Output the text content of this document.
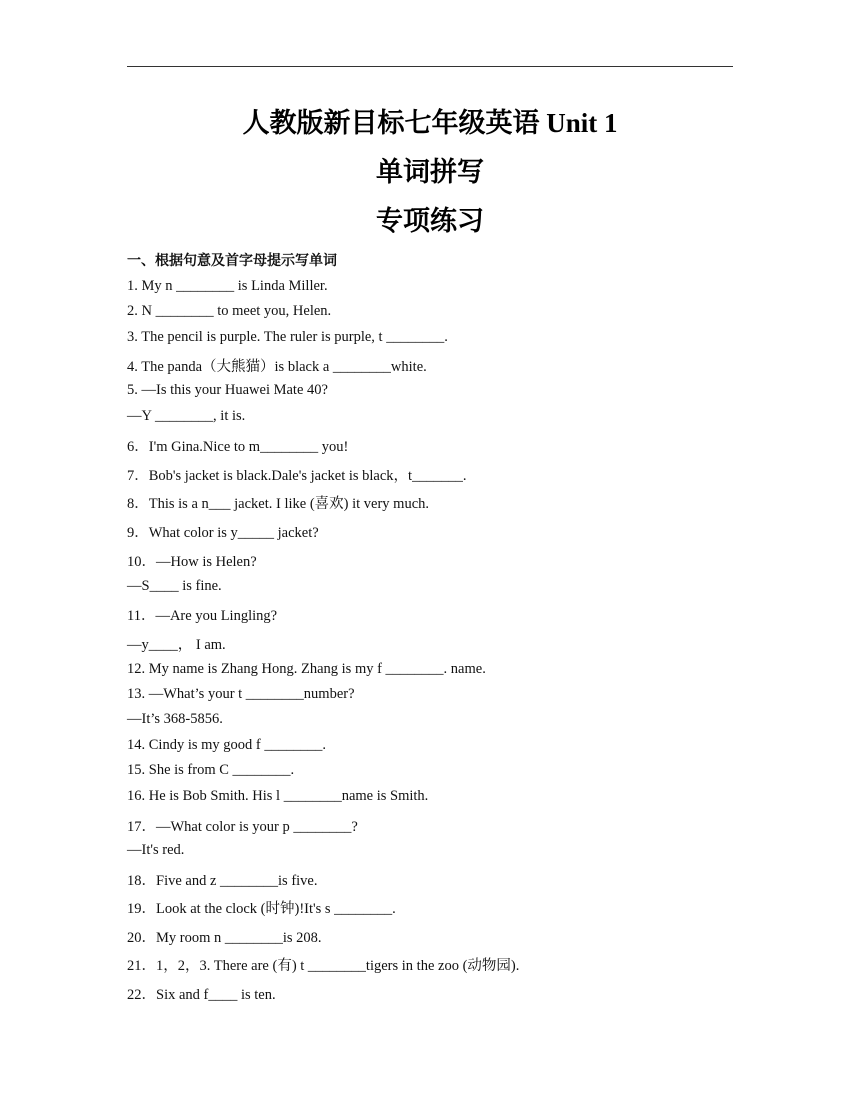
人教版新目标七年级英语 Unit 1
单词拼写
专项练习
一、根据句意及首字母提示写单词
1. My n ________ is Linda Miller.
2. N ________ to meet you, Helen.
3. The pencil is purple. The ruler is purple, t ________.
4. The panda（大熊猫）is black a ________white.
5. —Is this your Huawei Mate 40?
—Y ________, it is.
6．I'm Gina.Nice to m________ you!
7．Bob's jacket is black.Dale's jacket is black，t_______.
8．This is a n___ jacket. I like (喜欢) it very much.
9．What color is y_____ jacket?
10．—How is Helen?
—S____ is fine.
11．—Are you Lingling?
—y____， I am.
12. My name is Zhang Hong. Zhang is my f ________. name.
13. —What’s your t ________number?
—It’s 368-5856.
14. Cindy is my good f ________.
15. She is from C ________.
16. He is Bob Smith. His l ________name is Smith.
17．—What color is your p ________?
—It's red.
18．Five and z ________is five.
19．Look at the clock (时钟)!It's s ________.
20．My room n ________is 208.
21．1，2，3. There are (有) t ________tigers in the zoo (动物园).
22．Six and f____ is ten.
